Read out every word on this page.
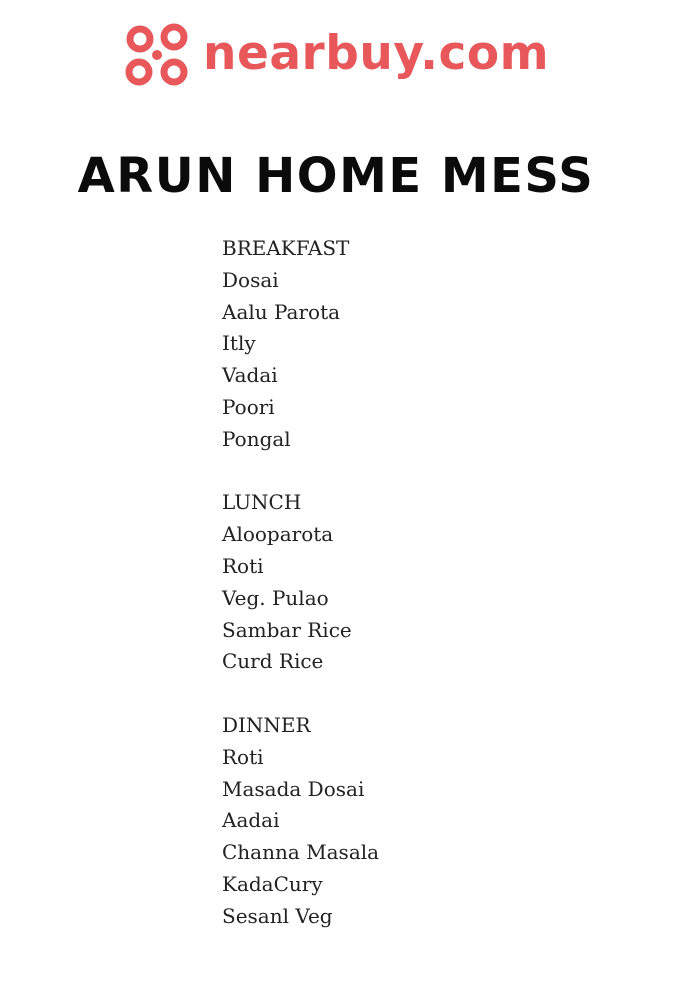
nearbuy.com
ARUN HOME MESS
BREAKFAST
Dosai
Aalu Parota
Itly
Vadai
Poori
Pongal
LUNCH
Alooparota
Roti
Veg. Pulao
Sambar Rice
Curd Rice
DINNER
Roti
Masada Dosai
Aadai
Channa Masala
KadaCury
Sesanl Veg
